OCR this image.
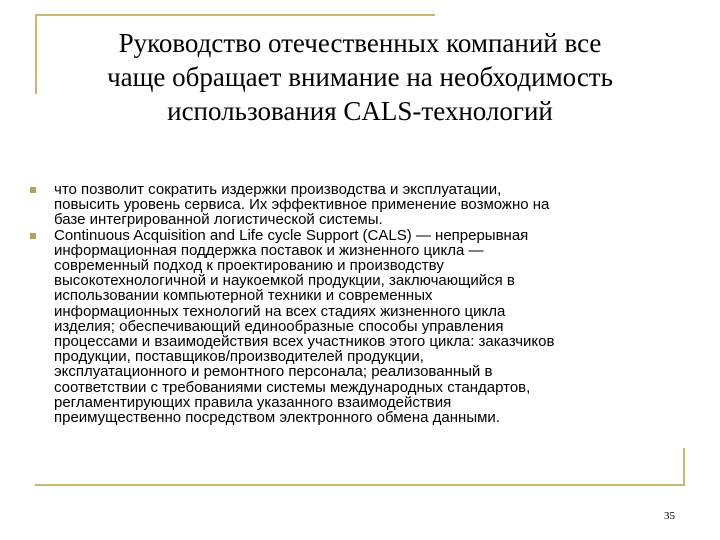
Руководство отечественных компаний все
чаще обращает внимание на необходимость
использования CALS-технологий
что позволит сократить издержки производства и эксплуатации,
повысить уровень сервиса. Их эффективное применение возможно на
базе интегрированной логистической системы.
Continuous Acquisition and Life cycle Support (CALS) — непрерывная
информационная поддержка поставок и жизненного цикла —
современный подход к проектированию и производству
высокотехнологичной и наукоемкой продукции, заключающийся в
использовании компьютерной техники и современных
информационных технологий на всех стадиях жизненного цикла
изделия; обеспечивающий единообразные способы управления
процессами и взаимодействия всех участников этого цикла: заказчиков
продукции, поставщиков/производителей продукции,
эксплуатационного и ремонтного персонала; реализованный в
соответствии с требованиями системы международных стандартов,
регламентирующих правила указанного взаимодействия
преимущественно посредством электронного обмена данными.
35
